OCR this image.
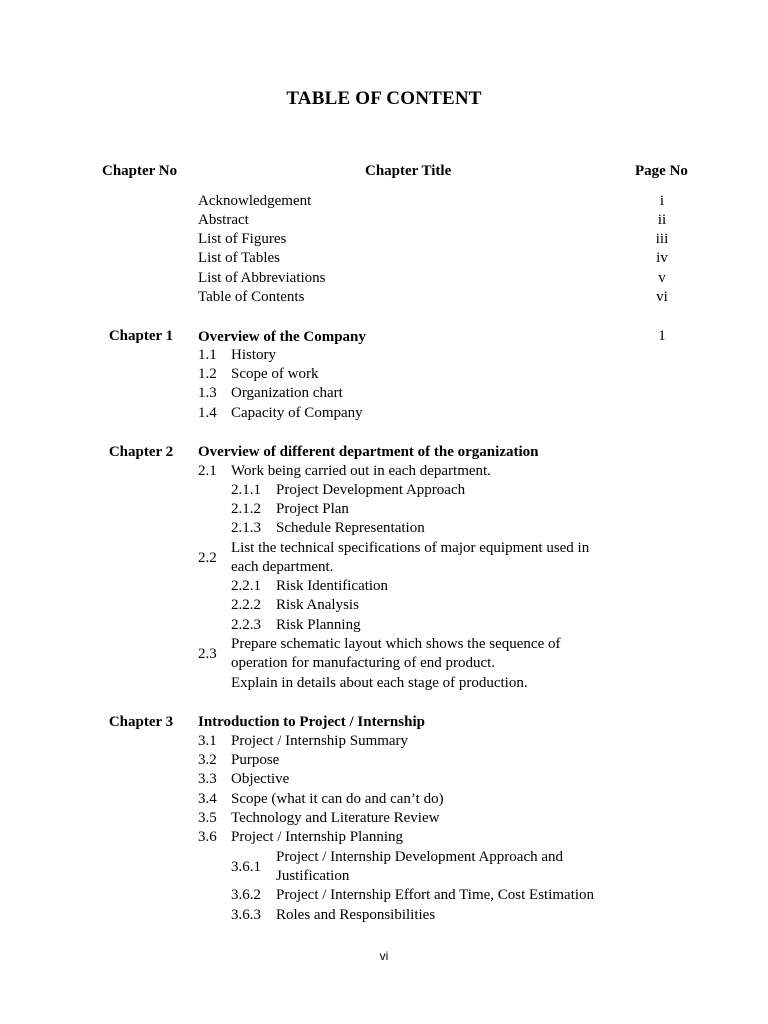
TABLE OF CONTENT
Chapter No	Chapter Title	Page No
Acknowledgement	i
Abstract	ii
List of Figures	iii
List of Tables	iv
List of Abbreviations	v
Table of Contents	vi
Chapter 1	Overview of the Company	1
1.1 History
1.2 Scope of work
1.3 Organization chart
1.4 Capacity of Company
Chapter 2	Overview of different department of the organization
2.1 Work being carried out in each department.
2.1.1 Project Development Approach
2.1.2 Project Plan
2.1.3 Schedule Representation
2.2
List the technical specifications of major equipment used in
each department.
2.2.1 Risk Identification
2.2.2 Risk Analysis
2.2.3 Risk Planning
2.3
Prepare schematic layout which shows the sequence of
operation for manufacturing of end product.
Explain in details about each stage of production.
Chapter 3	Introduction to Project / Internship
3.1 Project / Internship Summary
3.2 Purpose
3.3 Objective
3.4 Scope (what it can do and can’t do)
3.5 Technology and Literature Review
3.6 Project / Internship Planning
3.6.1
Project / Internship Development Approach and
Justification
3.6.2 Project / Internship Effort and Time, Cost Estimation
3.6.3 Roles and Responsibilities
vi
